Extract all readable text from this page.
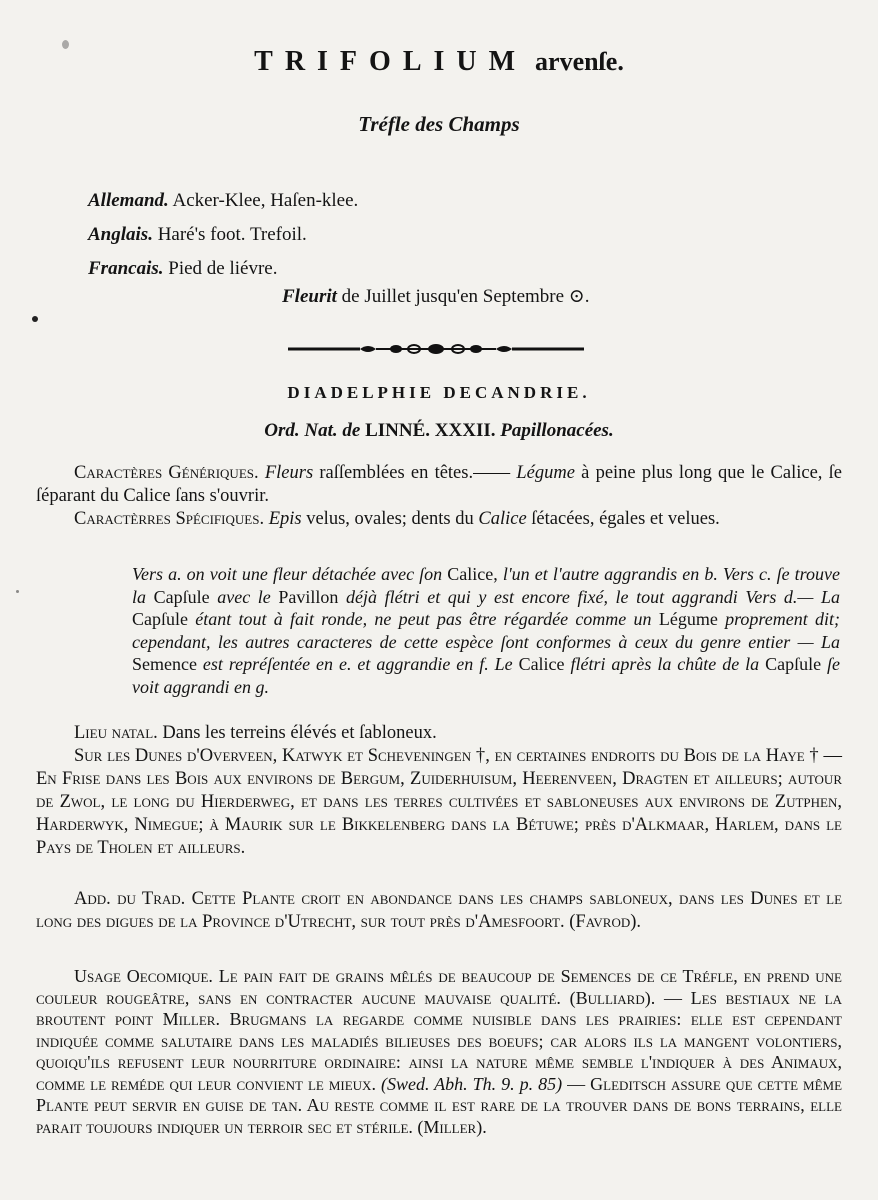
TRIFOLIUM arvenſe.
Tréfle des Champs
Allemand. Acker-Klee, Haſen-klee.
Anglais. Haré's foot. Trefoil.
Francais. Pied de liévre.
Fleurit de Juillet jusqu'en Septembre ⊙.
DIADELPHIE DECANDRIE.
Ord. Nat. de LINNÉ. XXXII. Papillonacées.
Caractères Génériques. Fleurs raſſemblées en têtes.—— Légume à peine plus long que le Calice, ſe ſéparant du Calice ſans s'ouvrir.
Caractèrres Spécifiques. Epis velus, ovales; dents du Calice ſétacées, égales et velues.
Vers a. on voit une fleur détachée avec ſon Calice, l'un et l'autre aggrandis en b. Vers c. ſe trouve la Capſule avec le Pavillon déjà flétri et qui y est encore fixé, le tout aggrandi Vers d.— La Capſule étant tout à fait ronde, ne peut pas être régardée comme un Légume proprement dit; cependant, les autres caracteres de cette espèce ſont conformes à ceux du genre entier — La Semence est repréſentée en e. et aggrandie en f. Le Calice flétri après la chûte de la Capſule ſe voit aggrandi en g.
Lieu natal. Dans les terreins élévés et ſabloneux.
Sur les Dunes d'Overveen, Katwyk et Scheveningen †, en certaines endroits du Bois de la Haye † — En Friſe dans les Bois aux environs de Bergum, Zuiderhuisum, Heerenveen, Dragten et ailleurs; autour de Zwol, le long du Hierderweg, et dans les terres cultivées et ſabloneuſes aux environs de Zutphen, Harderwyk, Nimegue; à Maurik ſur le Bikkelenberg dans la Bétuwe; près d'Alkmaar, Harlem, dans le Pays de Tholen et ailleurs.
Add. du Trad. Cette Plante croit en abondance dans les champs ſabloneux, dans les Dunes et le long des digues de la Province d'Utrecht, ſur tout près d'Amesfoort. (Favrod).
Usage Oecomique. Le pain fait de grains mêlés de beaucoup de Semences de ce Tréfle, en prend une couleur rougeâtre, ſans en contracter aucune mauvaiſe qualité. (Bulliard). — Les beſtiaux ne la broutent point Miller. Brugmans la regarde comme nuiſible dans les prairies: elle est cependant indiquée comme ſalutaire dans les maladiés bilieuſes des boeufs; car alors ils la mangent volontiers, quoiqu'ils refuſent leur nourriture ordinaire: ainſi la nature même ſemble l'indiquer à des Animaux, comme le reméde qui leur convient le mieux. (Swed. Abh. Th. 9. p. 85) — Gleditsch asſure que cette même Plante peut ſervir en guiſe de tan. Au reste comme il est rare de la trouver dans de bons terrains, elle parait toujours indiquer un terroir ſec et ſtérile. (Miller).
